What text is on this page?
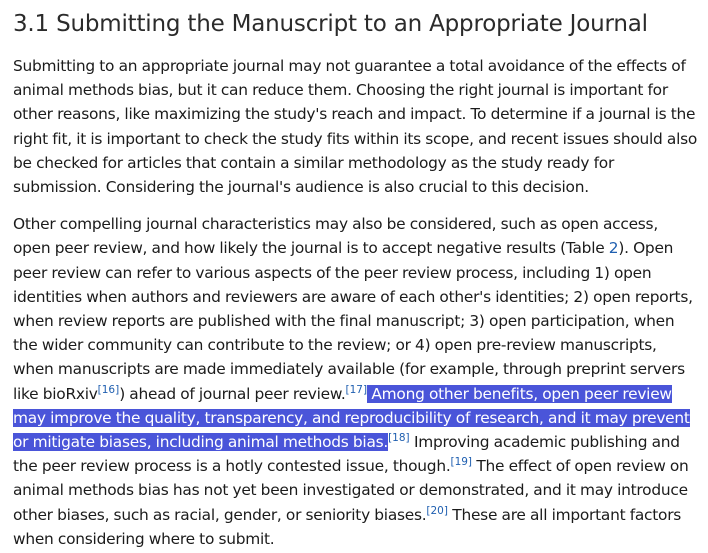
3.1 Submitting the Manuscript to an Appropriate Journal

Submitting to an appropriate journal may not guarantee a total avoidance of the effects of animal methods bias, but it can reduce them. Choosing the right journal is important for other reasons, like maximizing the study's reach and impact. To determine if a journal is the right fit, it is important to check the study fits within its scope, and recent issues should also be checked for articles that contain a similar methodology as the study ready for submission. Considering the journal's audience is also crucial to this decision.

Other compelling journal characteristics may also be considered, such as open access, open peer review, and how likely the journal is to accept negative results (Table 2). Open peer review can refer to various aspects of the peer review process, including 1) open identities when authors and reviewers are aware of each other's identities; 2) open reports, when review reports are published with the final manuscript; 3) open participation, when the wider community can contribute to the review; or 4) open pre-review manuscripts, when manuscripts are made immediately available (for example, through preprint servers like bioRxiv[16]) ahead of journal peer review.[17] Among other benefits, open peer review may improve the quality, transparency, and reproducibility of research, and it may prevent or mitigate biases, including animal methods bias.[18] Improving academic publishing and the peer review process is a hotly contested issue, though.[19] The effect of open review on animal methods bias has not yet been investigated or demonstrated, and it may introduce other biases, such as racial, gender, or seniority biases.[20] These are all important factors when considering where to submit.
